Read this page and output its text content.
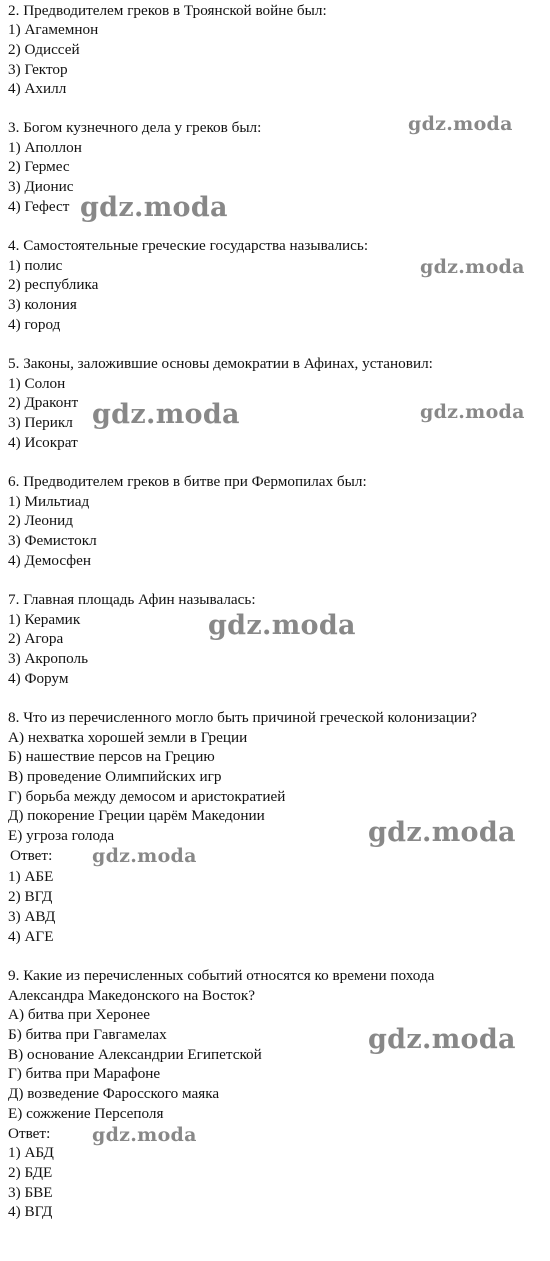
2. Предводителем греков в Троянской войне был:
1) Агамемнон
2) Одиссей
3) Гектор
4) Ахилл
3. Богом кузнечного дела у греков был:
1) Аполлон
2) Гермес
3) Дионис
4) Гефест
4. Самостоятельные греческие государства назывались:
1) полис
2) республика
3) колония
4) город
5. Законы, заложившие основы демократии в Афинах, установил:
1) Солон
2) Драконт
3) Перикл
4) Исократ
6. Предводителем греков в битве при Фермопилах был:
1) Мильтиад
2) Леонид
3) Фемистокл
4) Демосфен
7. Главная площадь Афин называлась:
1) Керамик
2) Агора
3) Акрополь
4) Форум
8. Что из перечисленного могло быть причиной греческой колонизации?
А) нехватка хорошей земли в Греции
Б) нашествие персов на Грецию
В) проведение Олимпийских игр
Г) борьба между демосом и аристократией
Д) покорение Греции царём Македонии
Е) угроза голода
Ответ:
1) АБЕ
2) ВГД
3) АВД
4) АГЕ
9. Какие из перечисленных событий относятся ко времени похода
Александра Македонского на Восток?
А) битва при Херонее
Б) битва при Гавгамелах
В) основание Александрии Египетской
Г) битва при Марафоне
Д) возведение Фаросского маяка
Е) сожжение Персеполя
Ответ:
1) АБД
2) БДЕ
3) БВЕ
4) ВГД
gdz.moda
gdz.moda
gdz.moda
gdz.moda	gdz.moda
gdz.moda
gdz.moda
gdz.moda
gdz.moda
gdz.moda
